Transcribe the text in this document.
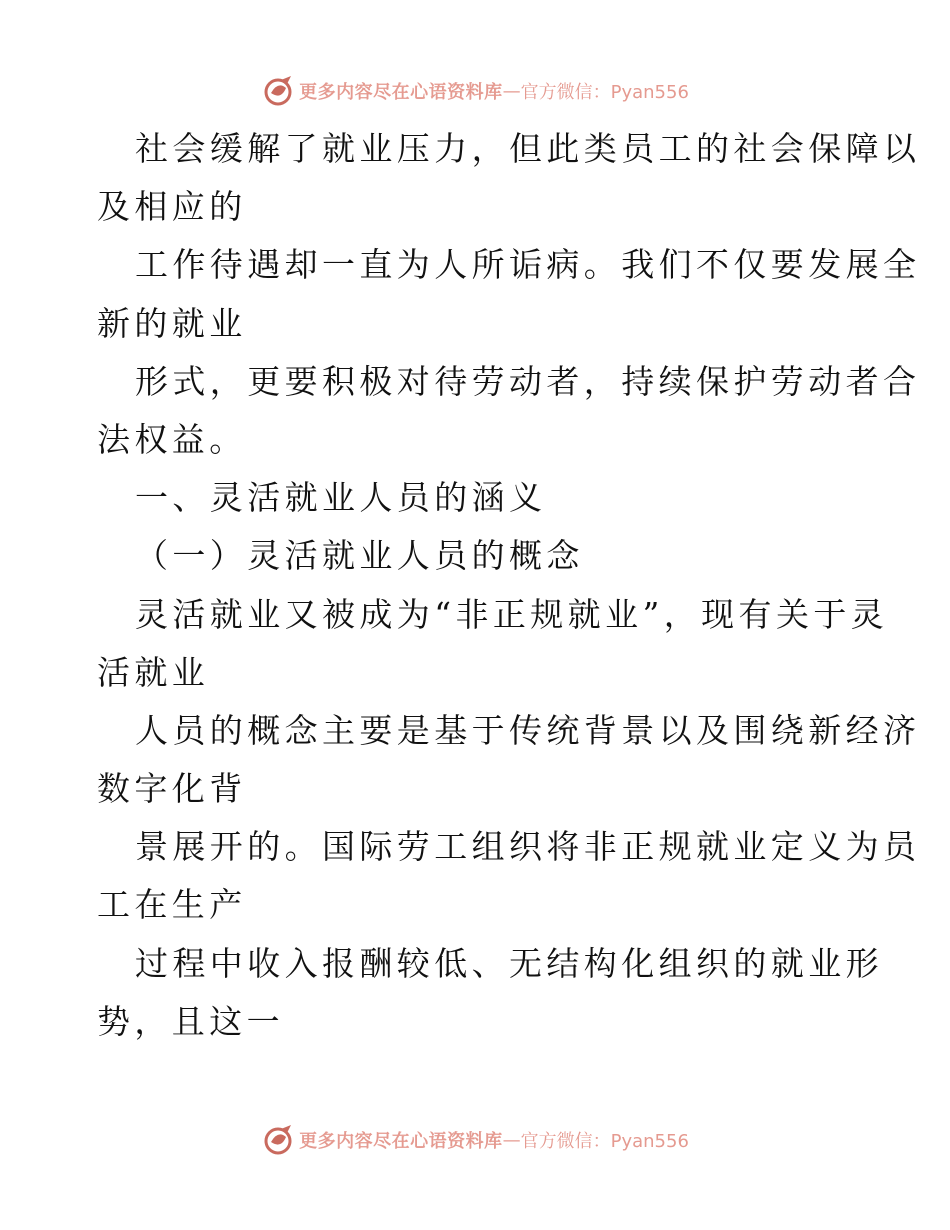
更多内容尽在心语资料库 — 官方微信：Pyan556
社会缓解了就业压力，但此类员工的社会保障以
及相应的
工作待遇却一直为人所诟病。我们不仅要发展全
新的就业
形式，更要积极对待劳动者，持续保护劳动者合
法权益。
一、灵活就业人员的涵义
（一）灵活就业人员的概念
灵活就业又被成为“非正规就业”，现有关于灵
活就业
人员的概念主要是基于传统背景以及围绕新经济
数字化背
景展开的。国际劳工组织将非正规就业定义为员
工在生产
过程中收入报酬较低、无结构化组织的就业形
势，且这一
更多内容尽在心语资料库 — 官方微信：Pyan556
